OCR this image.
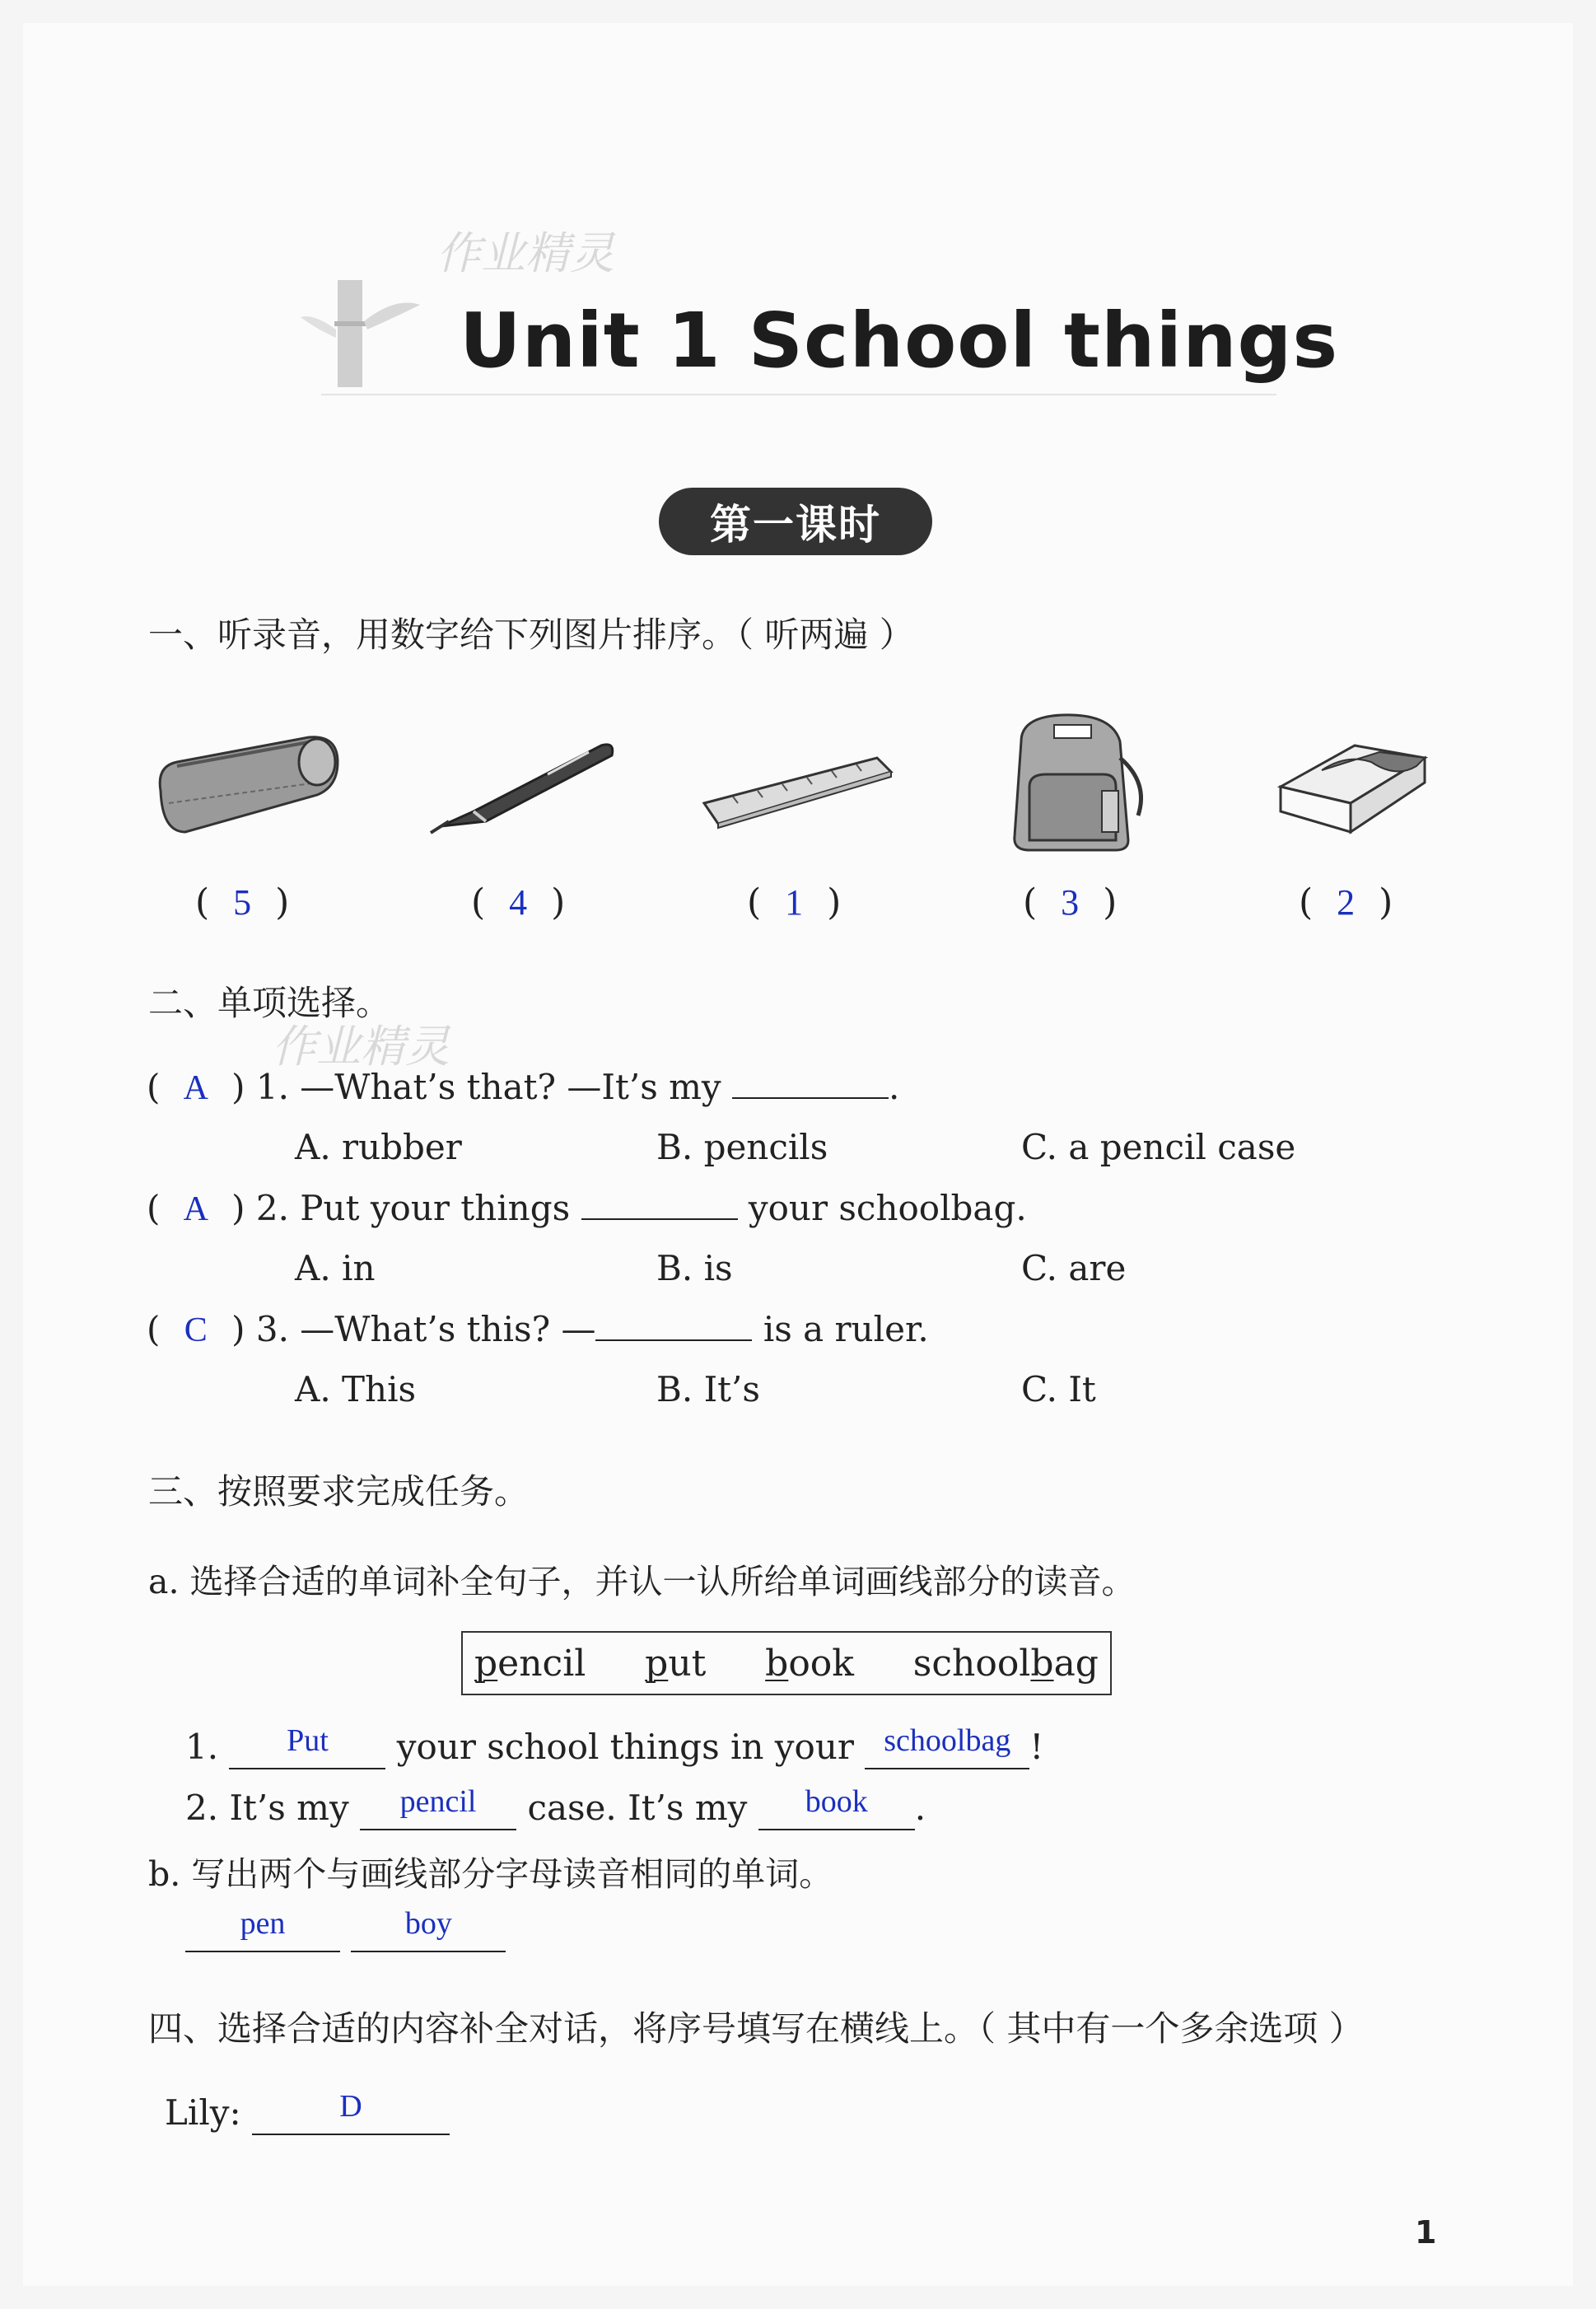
作业精灵
Unit 1 School things
第一课时
一、听录音，用数字给下列图片排序。（ 听两遍 ）
( 5 )	( 4 )	( 1 )	( 3 )	( 2 )
二、单项选择。
作业精灵
( A ) 1. —What’s that? —It’s my	.
A. rubber	B. pencils	C. a pencil case
( A ) 2. Put your things	your schoolbag.
A. in	B. is	C. are
( C ) 3. —What’s this? —	is a ruler.
A. This	B. It’s	C. It
三、按照要求完成任务。
a. 选择合适的单词补全句子，并认一认所给单词画线部分的读音。
pencil put book schoolbag
1. Put your school things in your schoolbag !
2. It’s my pencil case. It’s my book .
b. 写出两个与画线部分字母读音相同的单词。
pen	boy
四、选择合适的内容补全对话，将序号填写在横线上。（ 其中有一个多余选项 ）
Lily:	D
1
